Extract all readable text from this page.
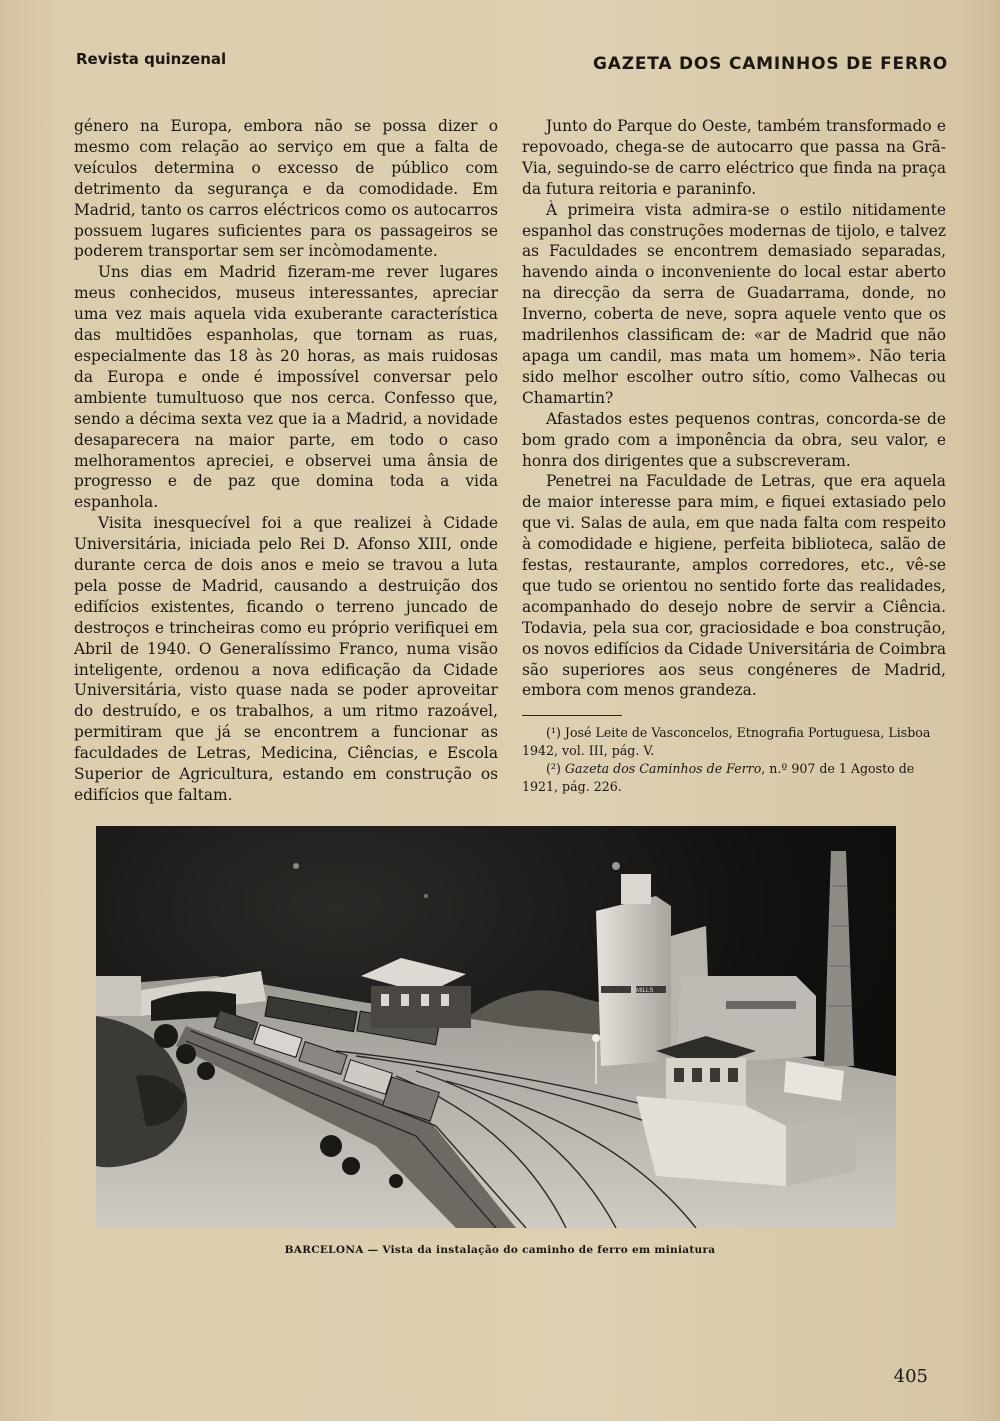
Revista quinzenal	GAZETA DOS CAMINHOS DE FERRO

género na Europa, embora não se possa dizer o mesmo com relação ao serviço em que a falta de veículos determina o excesso de público com detrimento da segurança e da comodidade. Em Madrid, tanto os carros eléctricos como os autocarros possuem lugares suficientes para os passageiros se poderem transportar sem ser incòmodamente.

Uns dias em Madrid fizeram-me rever lugares meus conhecidos, museus interessantes, apreciar uma vez mais aquela vida exuberante característica das multidões espanholas, que tornam as ruas, especialmente das 18 às 20 horas, as mais ruidosas da Europa e onde é impossível conversar pelo ambiente tumultuoso que nos cerca. Confesso que, sendo a décima sexta vez que ia a Madrid, a novidade desaparecera na maior parte, em todo o caso melhoramentos apreciei, e observei uma ânsia de progresso e de paz que domina toda a vida espanhola.

Visita inesquecível foi a que realizei à Cidade Universitária, iniciada pelo Rei D. Afonso XIII, onde durante cerca de dois anos e meio se travou a luta pela posse de Madrid, causando a destruição dos edifícios existentes, ficando o terreno juncado de destroços e trincheiras como eu próprio verifiquei em Abril de 1940. O Generalíssimo Franco, numa visão inteligente, ordenou a nova edificação da Cidade Universitária, visto quase nada se poder aproveitar do destruído, e os trabalhos, a um ritmo razoável, permitiram que já se encontrem a funcionar as faculdades de Letras, Medicina, Ciências, e Escola Superior de Agricultura, estando em construção os edifícios que faltam.

Junto do Parque do Oeste, também transformado e repovoado, chega-se de autocarro que passa na Grã-Via, seguindo-se de carro eléctrico que finda na praça da futura reitoria e paraninfo.

À primeira vista admira-se o estilo nitidamente espanhol das construções modernas de tijolo, e talvez as Faculdades se encontrem demasiado separadas, havendo ainda o inconveniente do local estar aberto na direcção da serra de Guadarrama, donde, no Inverno, coberta de neve, sopra aquele vento que os madrilenhos classificam de: «ar de Madrid que não apaga um candil, mas mata um homem». Não teria sido melhor escolher outro sítio, como Valhecas ou Chamartin?

Afastados estes pequenos contras, concorda-se de bom grado com a imponência da obra, seu valor, e honra dos dirigentes que a subscreveram.

Penetrei na Faculdade de Letras, que era aquela de maior interesse para mim, e fiquei extasiado pelo que vi. Salas de aula, em que nada falta com respeito à comodidade e higiene, perfeita biblioteca, salão de festas, restaurante, amplos corredores, etc., vê-se que tudo se orientou no sentido forte das realidades, acompanhado do desejo nobre de servir a Ciência. Todavia, pela sua cor, graciosidade e boa construção, os novos edifícios da Cidade Universitária de Coimbra são superiores aos seus congéneres de Madrid, embora com menos grandeza.

(¹) José Leite de Vasconcelos, Etnografia Portuguesa, Lisboa 1942, vol. III, pág. V.

(²) Gazeta dos Caminhos de Ferro, n.º 907 de 1 Agosto de 1921, pág. 226.

MILLS
BARCELONA — Vista da instalação do caminho de ferro em miniatura
405
